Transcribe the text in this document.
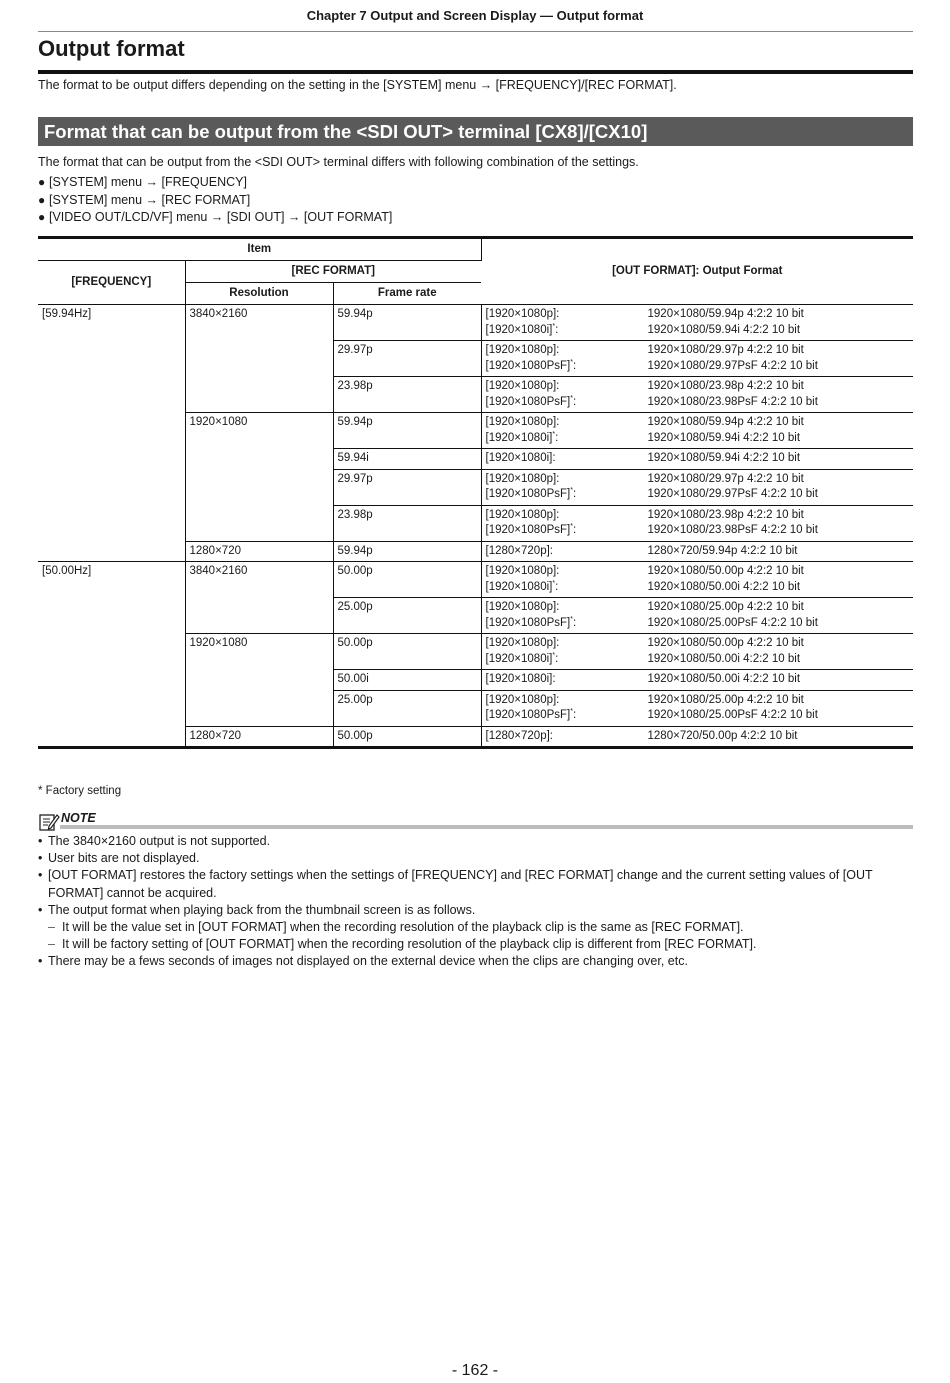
Chapter 7 Output and Screen Display — Output format
Output format
The format to be output differs depending on the setting in the [SYSTEM] menu → [FREQUENCY]/[REC FORMAT].
Format that can be output from the <SDI OUT> terminal [CX8]/[CX10]
The format that can be output from the <SDI OUT> terminal differs with following combination of the settings.
● [SYSTEM] menu → [FREQUENCY]
● [SYSTEM] menu → [REC FORMAT]
● [VIDEO OUT/LCD/VF] menu → [SDI OUT] → [OUT FORMAT]
Item			[OUT FORMAT]: Output Format
[FREQUENCY]	[REC FORMAT]		
	Resolution	Frame rate	
[59.94Hz]	3840×2160	59.94p	[1920×1080p]: 1920×1080/59.94p 4:2:2 10 bit
[1920×1080i]*: 1920×1080/59.94i 4:2:2 10 bit

		29.97p	[1920×1080p]: 1920×1080/29.97p 4:2:2 10 bit
[1920×1080PsF]*: 1920×1080/29.97PsF 4:2:2 10 bit

		23.98p	[1920×1080p]: 1920×1080/23.98p 4:2:2 10 bit
[1920×1080PsF]*: 1920×1080/23.98PsF 4:2:2 10 bit

	1920×1080	59.94p	[1920×1080p]: 1920×1080/59.94p 4:2:2 10 bit
[1920×1080i]*: 1920×1080/59.94i 4:2:2 10 bit

		59.94i	[1920×1080i]: 1920×1080/59.94i 4:2:2 10 bit

		29.97p	[1920×1080p]: 1920×1080/29.97p 4:2:2 10 bit
[1920×1080PsF]*: 1920×1080/29.97PsF 4:2:2 10 bit

		23.98p	[1920×1080p]: 1920×1080/23.98p 4:2:2 10 bit
[1920×1080PsF]*: 1920×1080/23.98PsF 4:2:2 10 bit

	1280×720	59.94p	[1280×720p]: 1280×720/59.94p 4:2:2 10 bit

[50.00Hz]	3840×2160	50.00p	[1920×1080p]: 1920×1080/50.00p 4:2:2 10 bit
[1920×1080i]*: 1920×1080/50.00i 4:2:2 10 bit

		25.00p	[1920×1080p]: 1920×1080/25.00p 4:2:2 10 bit
[1920×1080PsF]*: 1920×1080/25.00PsF 4:2:2 10 bit

	1920×1080	50.00p	[1920×1080p]: 1920×1080/50.00p 4:2:2 10 bit
[1920×1080i]*: 1920×1080/50.00i 4:2:2 10 bit

		50.00i	[1920×1080i]: 1920×1080/50.00i 4:2:2 10 bit

		25.00p	[1920×1080p]: 1920×1080/25.00p 4:2:2 10 bit
[1920×1080PsF]*: 1920×1080/25.00PsF 4:2:2 10 bit

	1280×720	50.00p	[1280×720p]: 1280×720/50.00p 4:2:2 10 bit
* Factory setting
NOTE
• The 3840×2160 output is not supported.
• User bits are not displayed.
• [OUT FORMAT] restores the factory settings when the settings of [FREQUENCY] and [REC FORMAT] change and the current setting values of [OUT FORMAT] cannot be acquired.
• The output format when playing back from the thumbnail screen is as follows.
– It will be the value set in [OUT FORMAT] when the recording resolution of the playback clip is the same as [REC FORMAT].
– It will be factory setting of [OUT FORMAT] when the recording resolution of the playback clip is different from [REC FORMAT].
• There may be a fews seconds of images not displayed on the external device when the clips are changing over, etc.
- 162 -
